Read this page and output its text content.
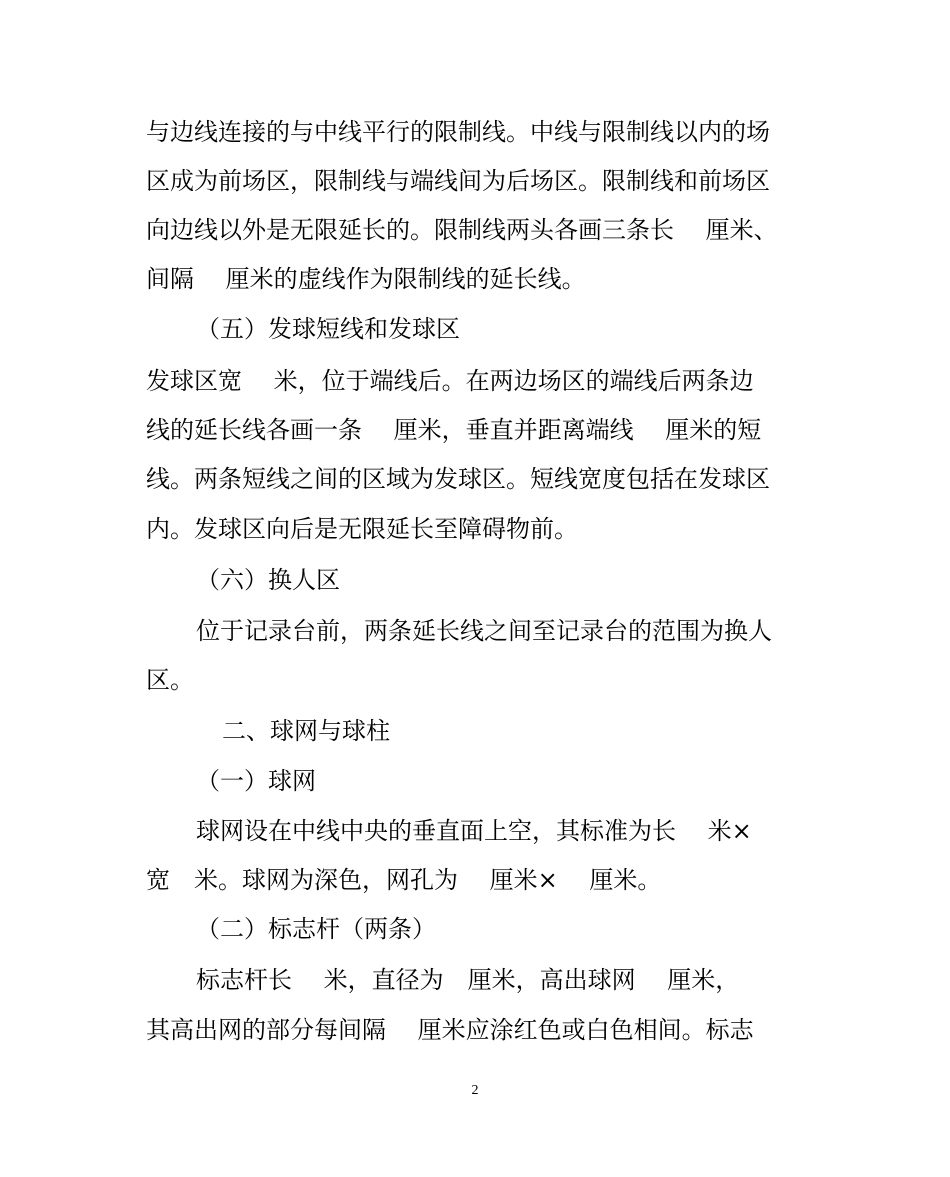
与边线连接的与中线平行的限制线。中线与限制线以内的场
区成为前场区，限制线与端线间为后场区。限制线和前场区
向边线以外是无限延长的。限制线两头各画三条长　 厘米、
间隔　 厘米的虚线作为限制线的延长线。
（五）发球短线和发球区
发球区宽　 米，位于端线后。在两边场区的端线后两条边
线的延长线各画一条　 厘米，垂直并距离端线　 厘米的短
线。两条短线之间的区域为发球区。短线宽度包括在发球区
内。发球区向后是无限延长至障碍物前。
（六）换人区
位于记录台前，两条延长线之间至记录台的范围为换人
区。
二、球网与球柱
（一）球网
球网设在中线中央的垂直面上空，其标准为长　 米×
宽　米。球网为深色，网孔为　 厘米×　 厘米。
（二）标志杆（两条）
标志杆长　 米，直径为　厘米，高出球网　 厘米，
其高出网的部分每间隔　 厘米应涂红色或白色相间。标志
2
